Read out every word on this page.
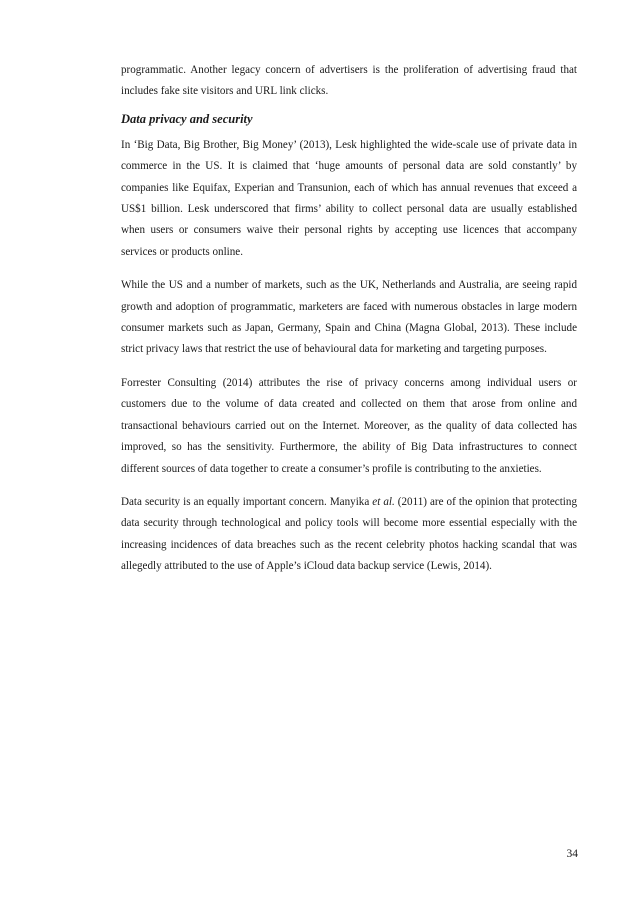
programmatic. Another legacy concern of advertisers is the proliferation of advertising fraud that includes fake site visitors and URL link clicks.

Data privacy and security

In ‘Big Data, Big Brother, Big Money’ (2013), Lesk highlighted the wide-scale use of private data in commerce in the US. It is claimed that ‘huge amounts of personal data are sold constantly’ by companies like Equifax, Experian and Transunion, each of which has annual revenues that exceed a US$1 billion. Lesk underscored that firms’ ability to collect personal data are usually established when users or consumers waive their personal rights by accepting use licences that accompany services or products online.

While the US and a number of markets, such as the UK, Netherlands and Australia, are seeing rapid growth and adoption of programmatic, marketers are faced with numerous obstacles in large modern consumer markets such as Japan, Germany, Spain and China (Magna Global, 2013). These include strict privacy laws that restrict the use of behavioural data for marketing and targeting purposes.

Forrester Consulting (2014) attributes the rise of privacy concerns among individual users or customers due to the volume of data created and collected on them that arose from online and transactional behaviours carried out on the Internet. Moreover, as the quality of data collected has improved, so has the sensitivity. Furthermore, the ability of Big Data infrastructures to connect different sources of data together to create a consumer’s profile is contributing to the anxieties.

Data security is an equally important concern. Manyika et al. (2011) are of the opinion that protecting data security through technological and policy tools will become more essential especially with the increasing incidences of data breaches such as the recent celebrity photos hacking scandal that was allegedly attributed to the use of Apple’s iCloud data backup service (Lewis, 2014).

34
